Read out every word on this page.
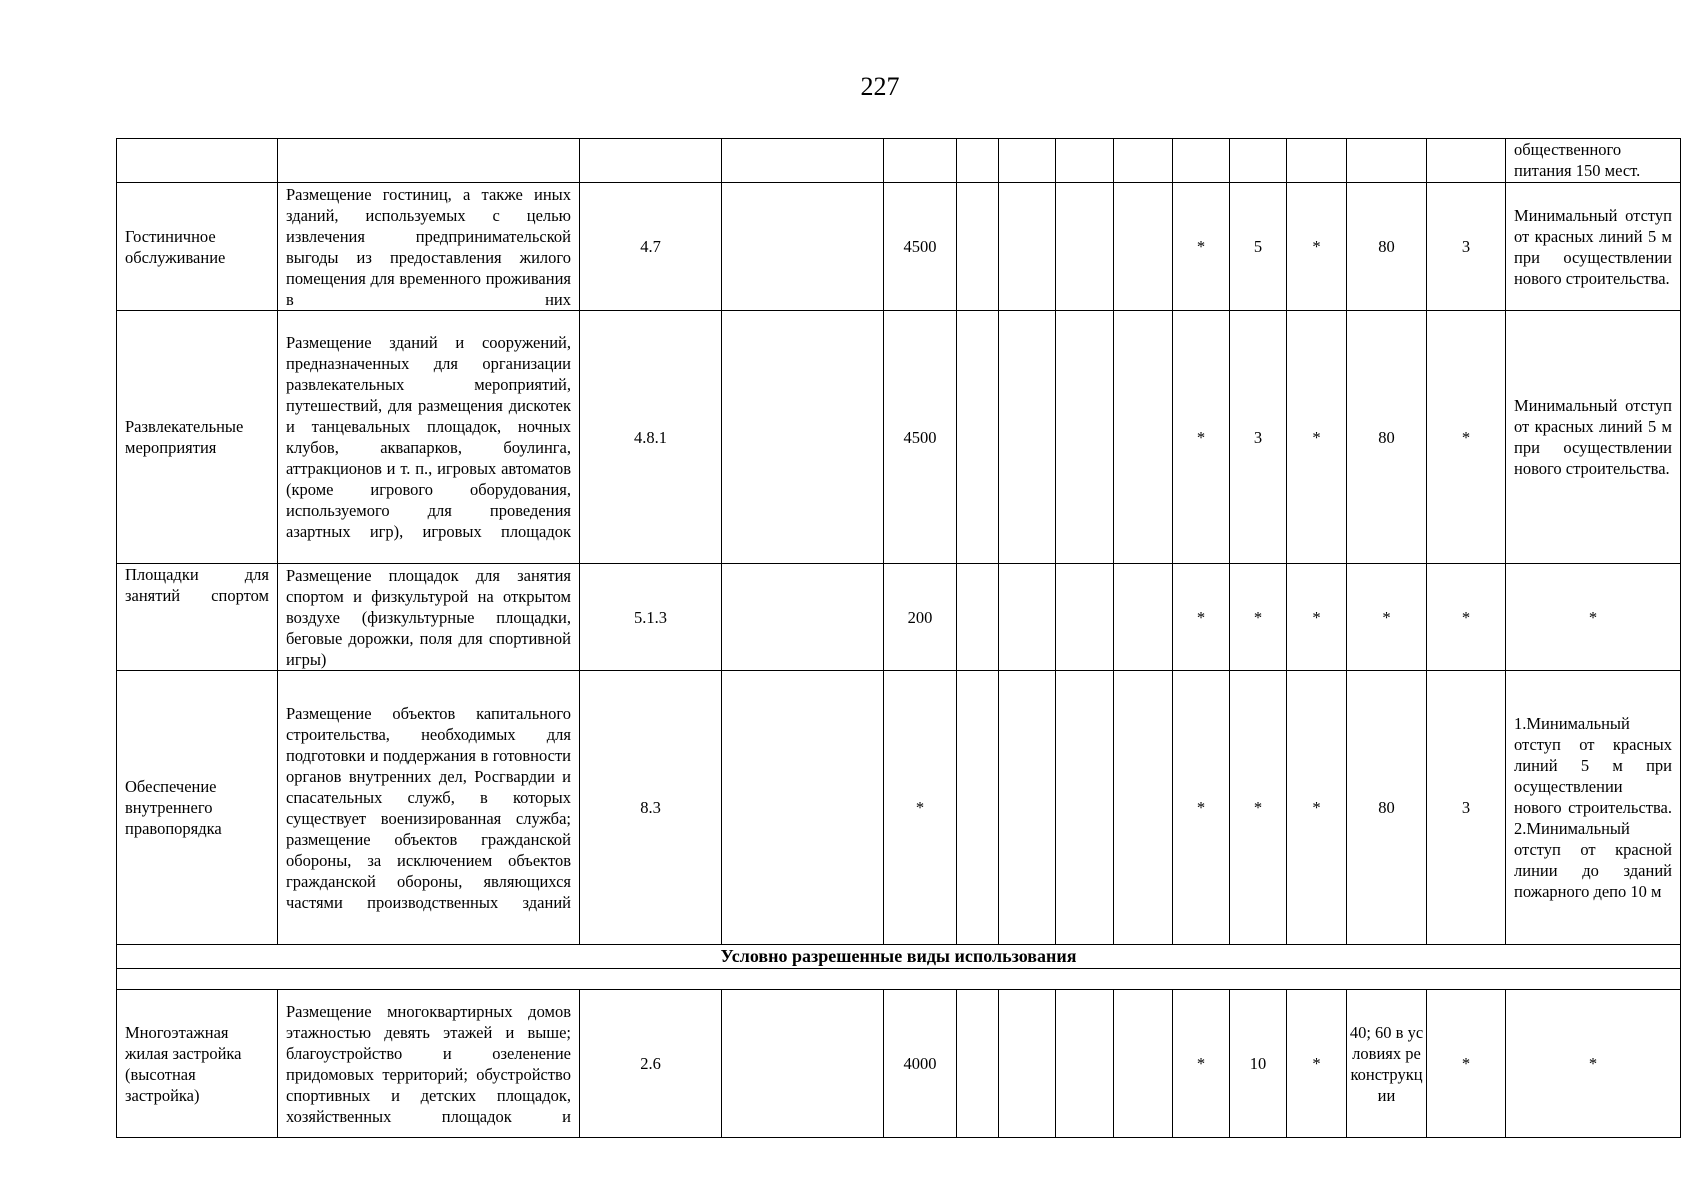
227
														общественного питания 150 мест.
Гостиничное обслуживание	Размещение гостиниц, а также иных зданий, используемых с целью извлечения предпринимательской выгоды из предоставления жилого помещения для временного проживания в них	4.7		4500					*	5	*	80	3	Минимальный отступ от красных линий 5 м при осуществлении нового строительства.
Развлекательные мероприятия	Размещение зданий и сооружений, предназначенных для организации развлекательных мероприятий, путешествий, для размещения дискотек и танцевальных площадок, ночных клубов, аквапарков, боулинга, аттракционов и т. п., игровых автоматов (кроме игрового оборудования, используемого для проведения азартных игр), игровых площадок	4.8.1		4500					*	3	*	80	*	Минимальный отступ от красных линий 5 м при осуществлении нового строительства.
Площадки для занятий спортом	Размещение площадок для занятия спортом и физкультурой на открытом воздухе (физкультурные площадки, беговые дорожки, поля для спортивной игры)	5.1.3		200					*	*	*	*	*	*
Обеспечение внутреннего правопорядка	Размещение объектов капитального строительства, необходимых для подготовки и поддержания в готовности органов внутренних дел, Росгвардии и спасательных служб, в которых существует военизированная служба; размещение объектов гражданской обороны, за исключением объектов гражданской обороны, являющихся частями производственных зданий	8.3		*					*	*	*	80	3	1.Минимальный отступ от красных линий 5 м при осуществлении нового строительства. 2.Минимальный отступ от красной линии до зданий пожарного депо 10 м
Условно разрешенные виды использования														

Многоэтажная жилая застройка (высотная застройка)	Размещение многоквартирных домов этажностью девять этажей и выше; благоустройство и озеленение придомовых территорий; обустройство спортивных и детских площадок, хозяйственных площадок и	2.6		4000					*	10	*	40; 60 в условиях реконструкции	*	*
